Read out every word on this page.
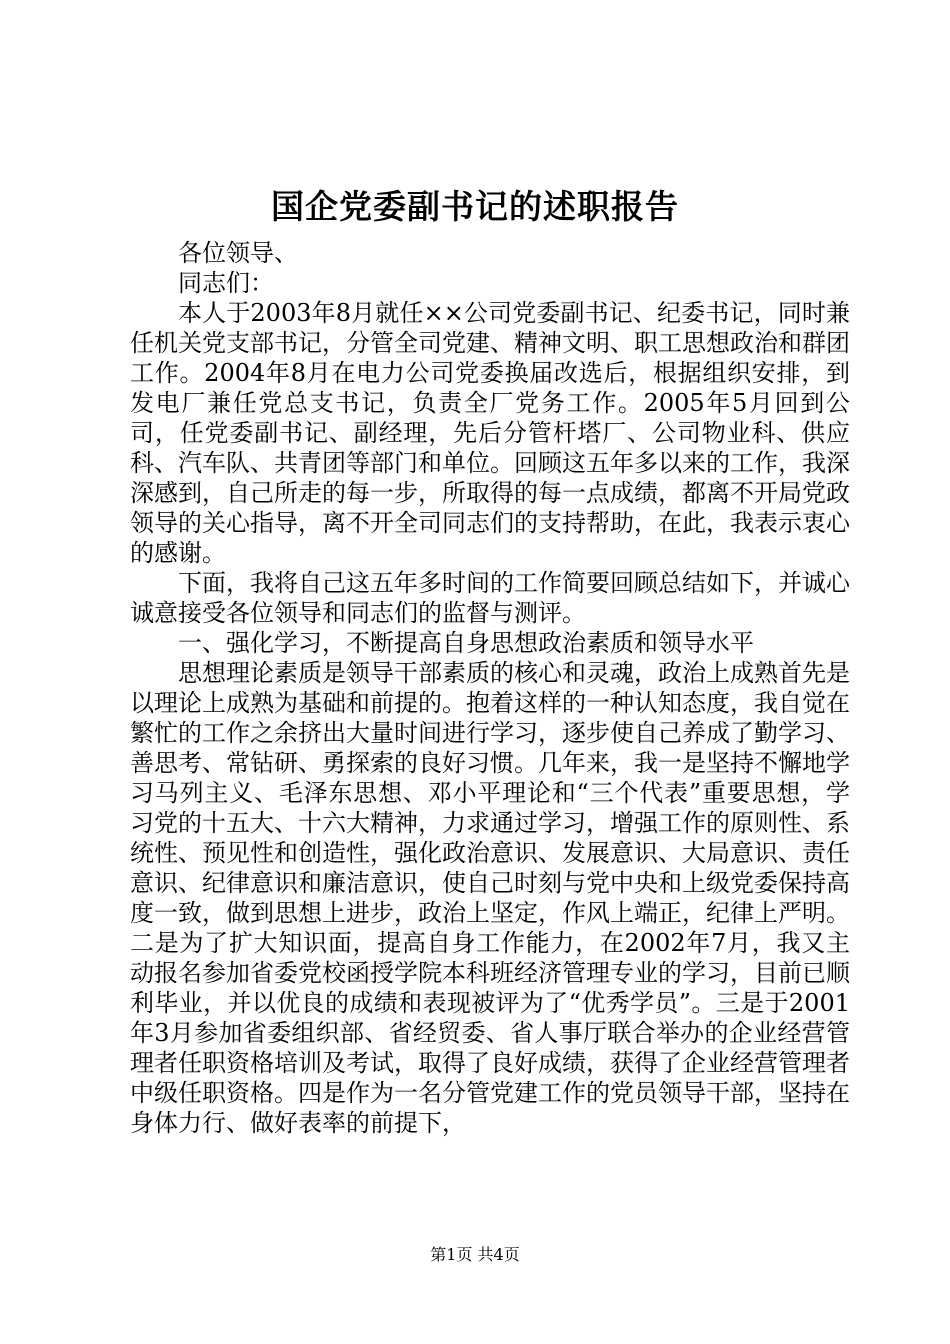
国企党委副书记的述职报告

各位领导、

同志们：

本人于2003年8月就任××公司党委副书记、纪委书记，同时兼任机关党支部书记，分管全司党建、精神文明、职工思想政治和群团工作。2004年8月在电力公司党委换届改选后，根据组织安排，到发电厂兼任党总支书记，负责全厂党务工作。2005年5月回到公司，任党委副书记、副经理，先后分管杆塔厂、公司物业科、供应科、汽车队、共青团等部门和单位。回顾这五年多以来的工作，我深深感到，自己所走的每一步，所取得的每一点成绩，都离不开局党政领导的关心指导，离不开全司同志们的支持帮助，在此，我表示衷心的感谢。

下面，我将自己这五年多时间的工作简要回顾总结如下，并诚心诚意接受各位领导和同志们的监督与测评。

一、强化学习，不断提高自身思想政治素质和领导水平

思想理论素质是领导干部素质的核心和灵魂，政治上成熟首先是以理论上成熟为基础和前提的。抱着这样的一种认知态度，我自觉在繁忙的工作之余挤出大量时间进行学习，逐步使自己养成了勤学习、善思考、常钻研、勇探索的良好习惯。几年来，我一是坚持不懈地学习马列主义、毛泽东思想、邓小平理论和“三个代表”重要思想，学习党的十五大、十六大精神，力求通过学习，增强工作的原则性、系统性、预见性和创造性，强化政治意识、发展意识、大局意识、责任意识、纪律意识和廉洁意识，使自己时刻与党中央和上级党委保持高度一致，做到思想上进步，政治上坚定，作风上端正，纪律上严明。二是为了扩大知识面，提高自身工作能力，在2002年7月，我又主动报名参加省委党校函授学院本科班经济管理专业的学习，目前已顺利毕业，并以优良的成绩和表现被评为了“优秀学员”。三是于2001年3月参加省委组织部、省经贸委、省人事厅联合举办的企业经营管理者任职资格培训及考试，取得了良好成绩，获得了企业经营管理者中级任职资格。四是作为一名分管党建工作的党员领导干部，坚持在身体力行、做好表率的前提下，

第1页 共4页
